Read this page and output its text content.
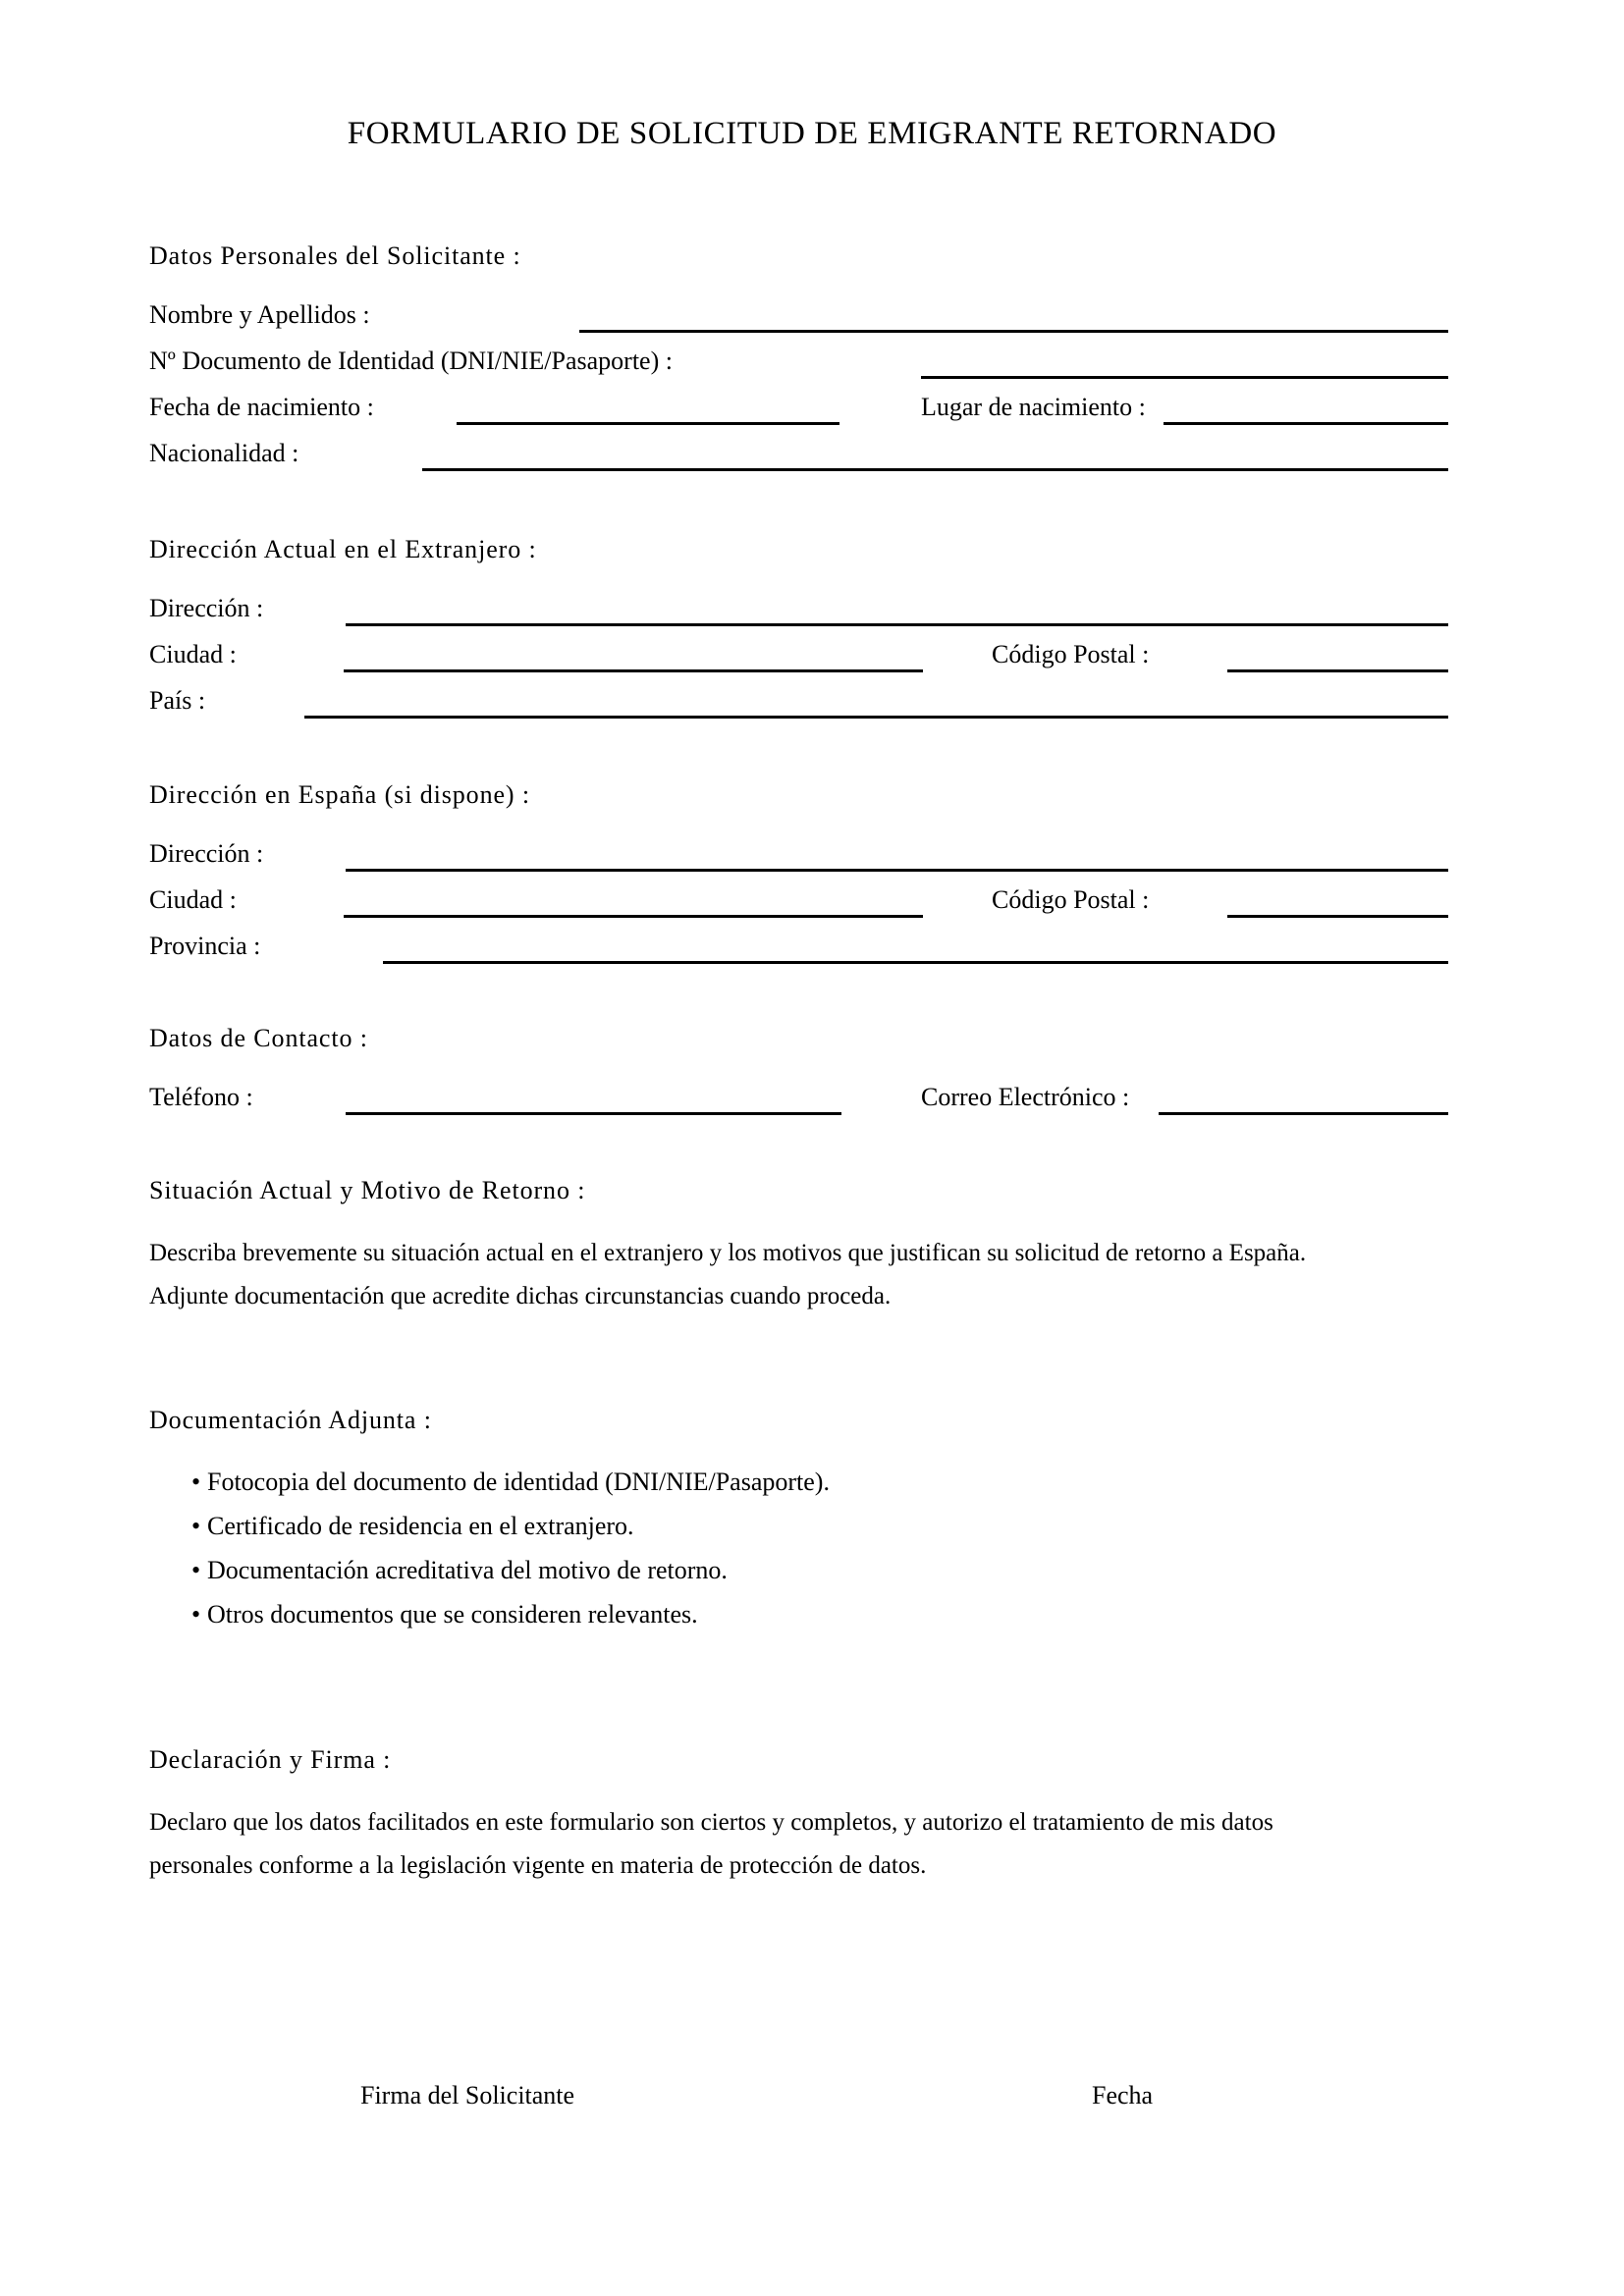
FORMULARIO DE SOLICITUD DE EMIGRANTE RETORNADO
Datos Personales del Solicitante :
Nombre y Apellidos :
Nº Documento de Identidad (DNI/NIE/Pasaporte) :
Fecha de nacimiento :	Lugar de nacimiento :
Nacionalidad :
Dirección Actual en el Extranjero :
Dirección :
Ciudad :	Código Postal :
País :
Dirección en España (si dispone) :
Dirección :
Ciudad :	Código Postal :
Provincia :
Datos de Contacto :
Teléfono :	Correo Electrónico :
Situación Actual y Motivo de Retorno :
Describa brevemente su situación actual en el extranjero y los motivos que justifican su solicitud de retorno a España.
Adjunte documentación que acredite dichas circunstancias cuando proceda.
Documentación Adjunta :
• Fotocopia del documento de identidad (DNI/NIE/Pasaporte).
• Certificado de residencia en el extranjero.
• Documentación acreditativa del motivo de retorno.
• Otros documentos que se consideren relevantes.
Declaración y Firma :
Declaro que los datos facilitados en este formulario son ciertos y completos, y autorizo el tratamiento de mis datos
personales conforme a la legislación vigente en materia de protección de datos.
Firma del Solicitante	Fecha
